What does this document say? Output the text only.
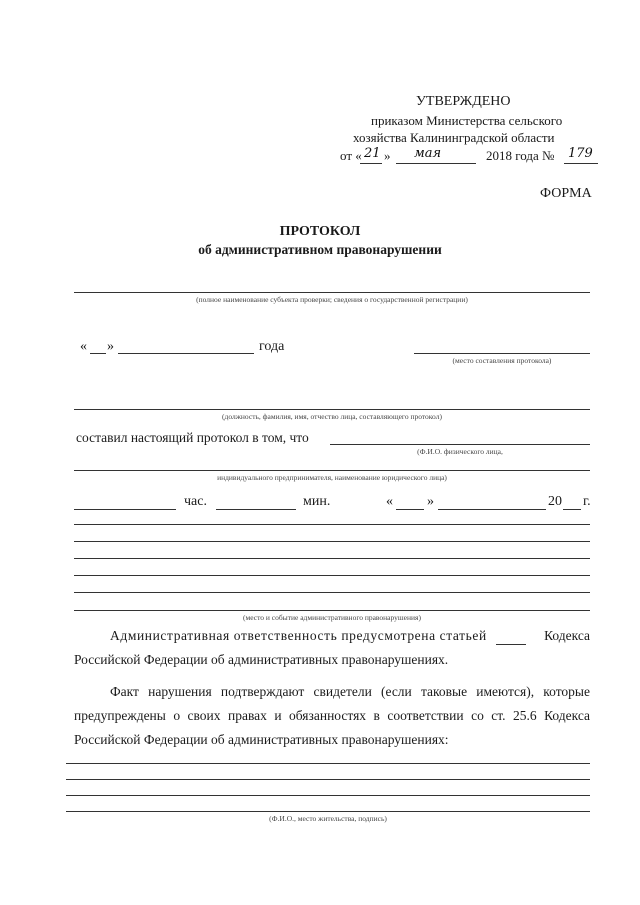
УТВЕРЖДЕНО
приказом Министерства сельского
хозяйства Калининградской области
от « 21 » мая	2018 года № 179
ФОРМА
ПРОТОКОЛ
об административном правонарушении
(полное наименование субъекта проверки; сведения о государственной регистрации)
« »	года
(место составления протокола)
(должность, фамилия, имя, отчество лица, составляющего протокол)
составил настоящий протокол в том, что
(Ф.И.О. физического лица,
индивидуального предпринимателя, наименование юридического лица)
час.	мин.	« »	20 г.
(место и событие административного правонарушения)
Административная ответственность предусмотрена статьей	Кодекса
Российской Федерации об административных правонарушениях.
Факт нарушения подтверждают свидетели (если таковые имеются), которые предупреждены о своих правах и обязанностях в соответствии со ст. 25.6 Кодекса Российской Федерации об административных правонарушениях:
(Ф.И.О., место жительства, подпись)
